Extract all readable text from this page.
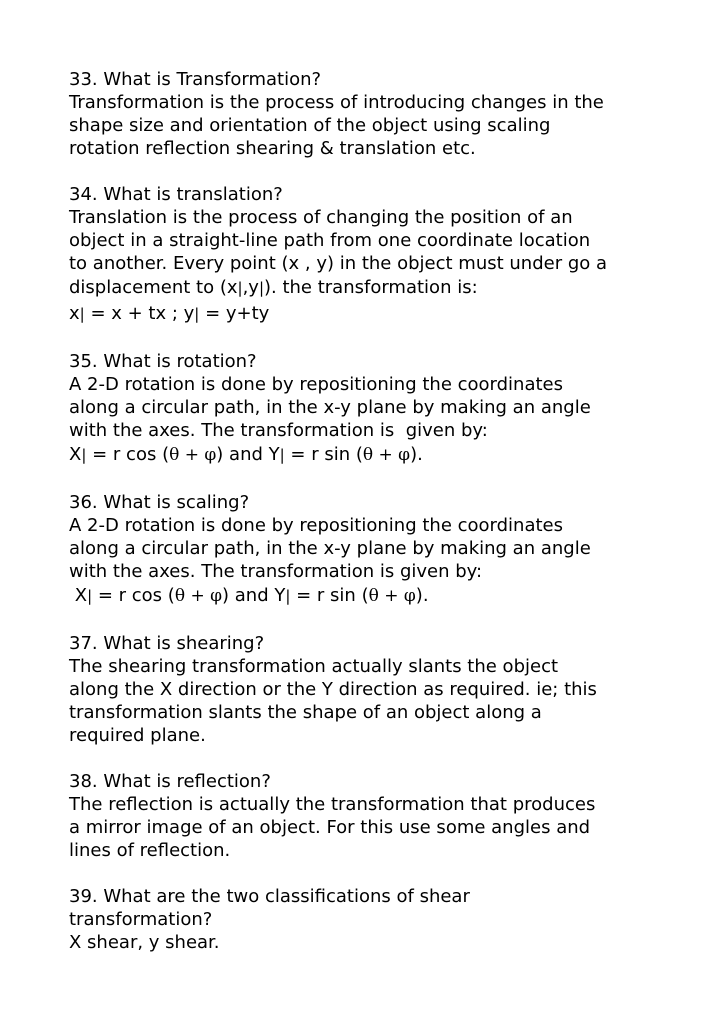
33. What is Transformation?
Transformation is the process of introducing changes in the
shape size and orientation of the object using scaling
rotation reflection shearing & translation etc.
34. What is translation?
Translation is the process of changing the position of an
object in a straight-line path from one coordinate location
to another. Every point (x , y) in the object must under go a
displacement to (x|,y|). the transformation is:
x| = x + tx ; y| = y+ty
35. What is rotation?
A 2-D rotation is done by repositioning the coordinates
along a circular path, in the x-y plane by making an angle
with the axes. The transformation is  given by:
X| = r cos (θ + φ) and Y| = r sin (θ + φ).
36. What is scaling?
A 2-D rotation is done by repositioning the coordinates
along a circular path, in the x-y plane by making an angle
with the axes. The transformation is given by:
X| = r cos (θ + φ) and Y| = r sin (θ + φ).
37. What is shearing?
The shearing transformation actually slants the object
along the X direction or the Y direction as required. ie; this
transformation slants the shape of an object along a
required plane.
38. What is reflection?
The reflection is actually the transformation that produces
a mirror image of an object. For this use some angles and
lines of reflection.
39. What are the two classifications of shear
transformation?
X shear, y shear.
